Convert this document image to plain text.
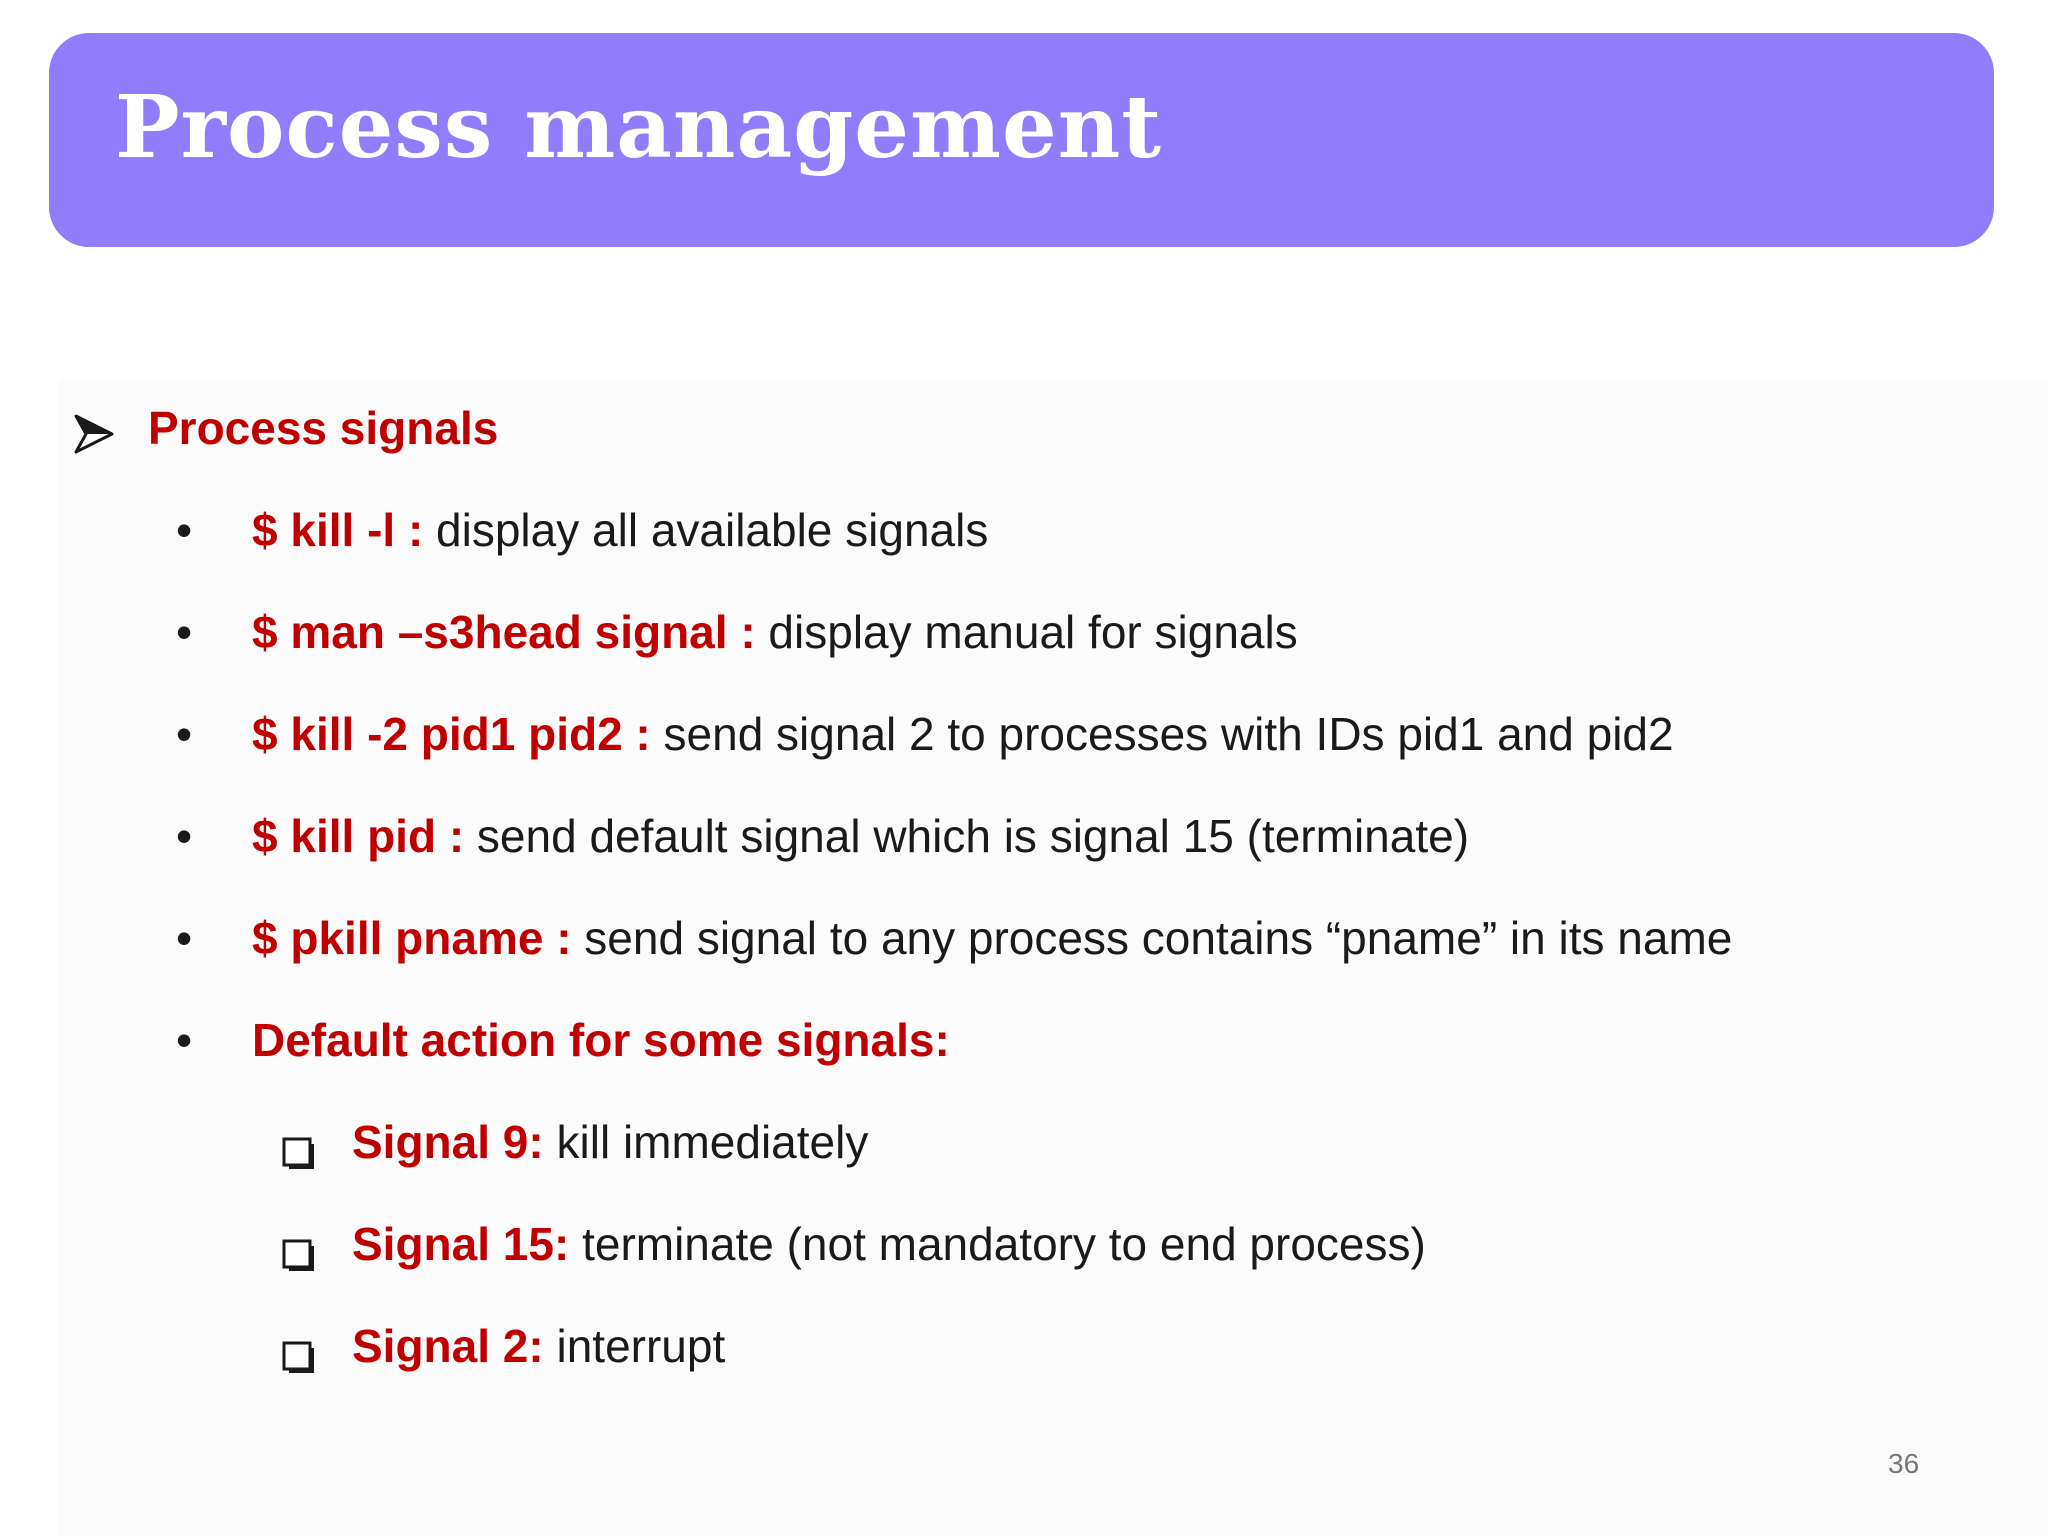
Process management
Process signals
• $ kill -l : display all available signals
• $ man –s3head signal : display manual for signals
• $ kill -2 pid1 pid2 : send signal 2 to processes with IDs pid1 and pid2
• $ kill pid : send default signal which is signal 15 (terminate)
• $ pkill pname : send signal to any process contains “pname” in its name
• Default action for some signals:
Signal 9: kill immediately
Signal 15: terminate (not mandatory to end process)
Signal 2: interrupt
36
